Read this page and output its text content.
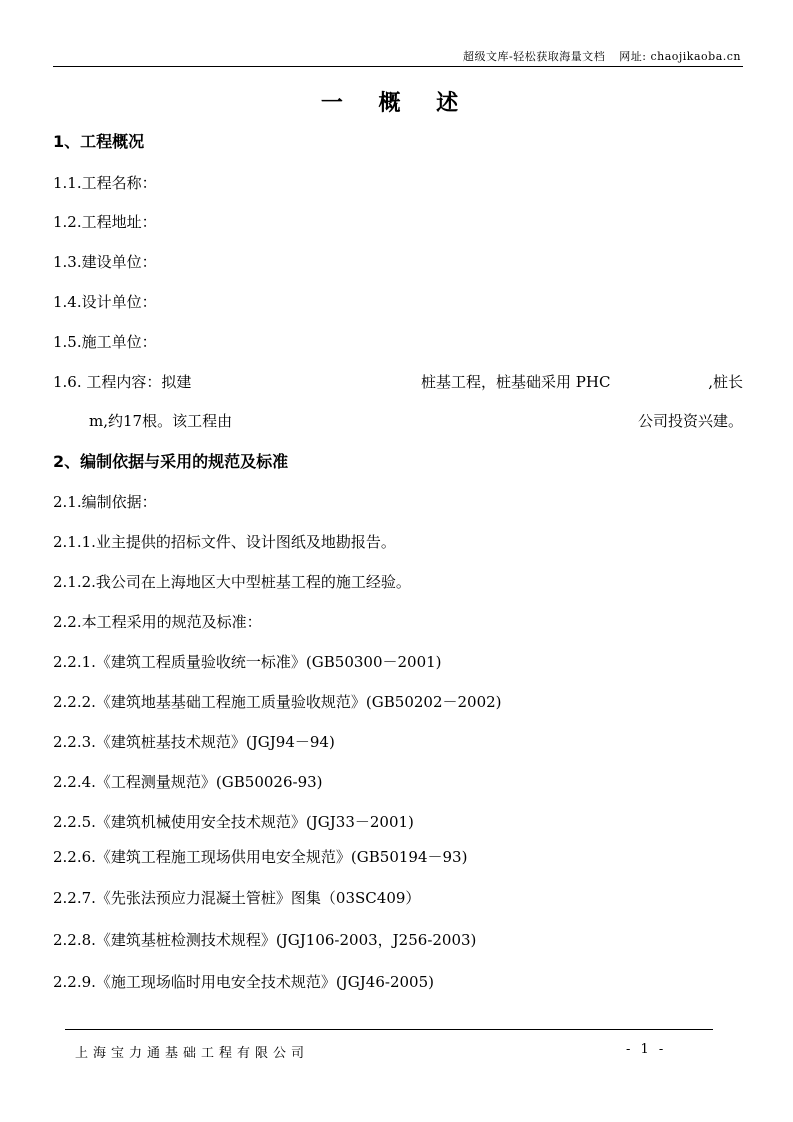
超级文库-轻松获取海量文档 网址: chaojikaoba.cn
一 概 述
1、工程概况
1.1.工程名称：
1.2.工程地址：
1.3.建设单位：
1.4.设计单位：
1.5.施工单位：
1.6. 工程内容：拟建	桩基工程，桩基础采用 PHC	,桩长
m,约17根。该工程由	公司投资兴建。
2、编制依据与采用的规范及标准
2.1.编制依据：
2.1.1.业主提供的招标文件、设计图纸及地勘报告。
2.1.2.我公司在上海地区大中型桩基工程的施工经验。
2.2.本工程采用的规范及标准：
2.2.1.《建筑工程质量验收统一标准》(GB50300－2001)
2.2.2.《建筑地基基础工程施工质量验收规范》(GB50202－2002)
2.2.3.《建筑桩基技术规范》(JGJ94－94)
2.2.4.《工程测量规范》(GB50026-93)
2.2.5.《建筑机械使用安全技术规范》(JGJ33－2001)
2.2.6.《建筑工程施工现场供用电安全规范》(GB50194－93)
2.2.7.《先张法预应力混凝土管桩》图集（03SC409）
2.2.8.《建筑基桩检测技术规程》(JGJ106-2003，J256-2003)
2.2.9.《施工现场临时用电安全技术规范》(JGJ46-2005)
上海宝力通基础工程有限公司	- 1 -
